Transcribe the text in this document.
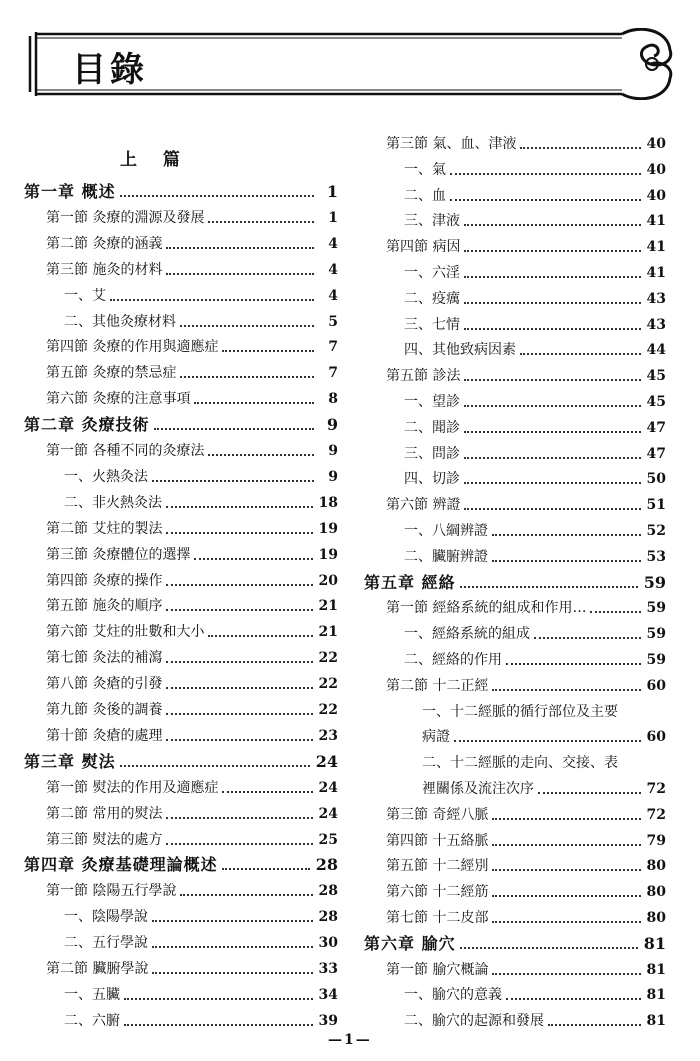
目錄
上 篇
第一章 概述	1
第一節 灸療的淵源及發展	1
第二節 灸療的涵義	4
第三節 施灸的材料	4
一、艾	4
二、其他灸療材料	5
第四節 灸療的作用與適應症	7
第五節 灸療的禁忌症	7
第六節 灸療的注意事項	8
第二章 灸療技術	9
第一節 各種不同的灸療法	9
一、火熱灸法	9
二、非火熱灸法	18
第二節 艾炷的製法	19
第三節 灸療體位的選擇	19
第四節 灸療的操作	20
第五節 施灸的順序	21
第六節 艾炷的壯數和大小	21
第七節 灸法的補瀉	22
第八節 灸瘡的引發	22
第九節 灸後的調養	22
第十節 灸瘡的處理	23
第三章 熨法	24
第一節 熨法的作用及適應症	24
第二節 常用的熨法	24
第三節 熨法的處方	25
第四章 灸療基礎理論概述	28
第一節 陰陽五行學說	28
一、陰陽學說	28
二、五行學說	30
第二節 臟腑學說	33
一、五臟	34
二、六腑	39
第三節 氣、血、津液	40
一、氣	40
二、血	40
三、津液	41
第四節 病因	41
一、六淫	41
二、疫癘	43
三、七情	43
四、其他致病因素	44
第五節 診法	45
一、望診	45
二、聞診	47
三、問診	47
四、切診	50
第六節 辨證	51
一、八綱辨證	52
二、臟腑辨證	53
第五章 經絡	59
第一節 經絡系統的組成和作用…	59
一、經絡系統的組成	59
二、經絡的作用	59
第二節 十二正經	60
一、十二經脈的循行部位及主要
病證	60
二、十二經脈的走向、交接、表
裡關係及流注次序	72
第三節 奇經八脈	72
第四節 十五絡脈	79
第五節 十二經別	80
第六節 十二經筋	80
第七節 十二皮部	80
第六章 腧穴	81
第一節 腧穴概論	81
一、腧穴的意義	81
二、腧穴的起源和發展	81
—1—
